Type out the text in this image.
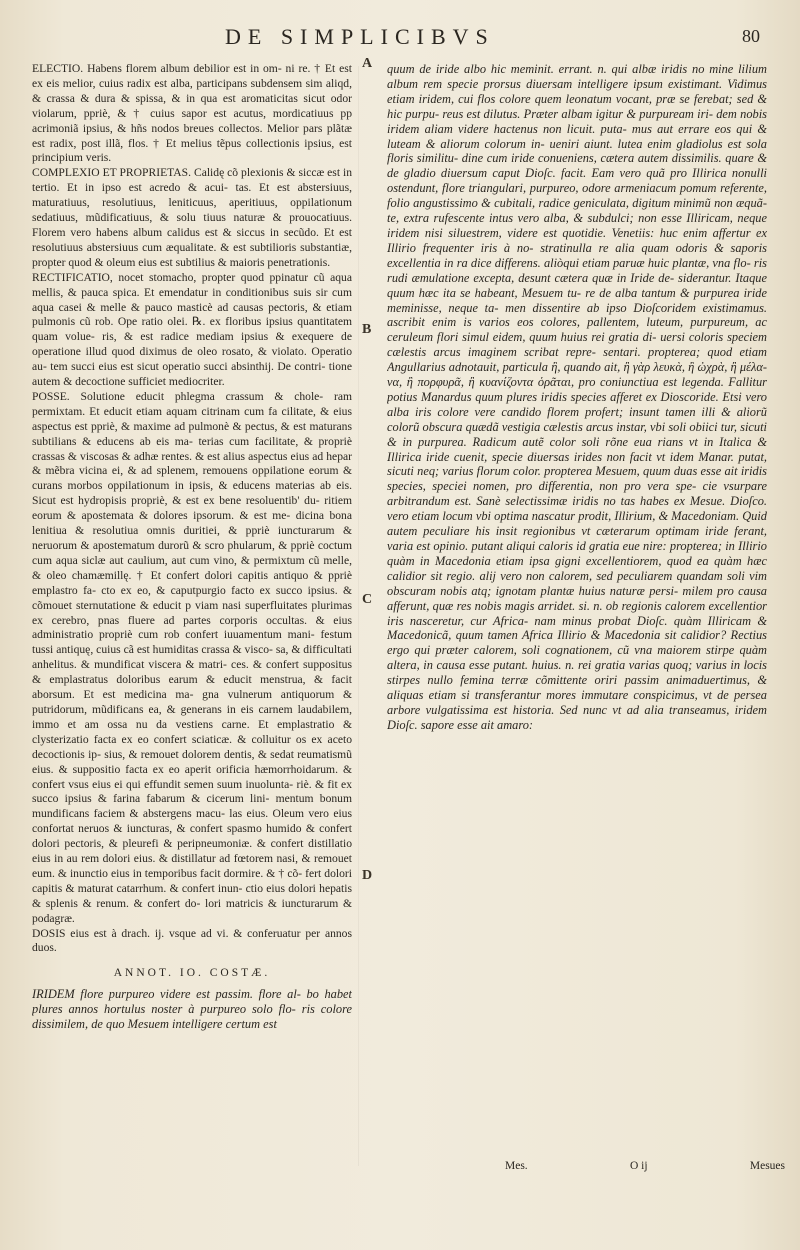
DE SIMPLICIBVS	80
A
B
C
D

ELECTIO. Habens florem album debilior est in om- ni re. † Et est ex eis melior, cuius radix est alba, participans subdensem sim aliqd, & crassa & dura & spissa, & in qua est aromaticitas sicut odor violarum, ppriè, & † cuius sapor est acutus, mordicatiuus pp acrimoniã ipsius, & hñs nodos breues collectos. Melior pars plãtæ est radix, post illã, flos. † Et melius tẽpus collectionis ipsius, est principium veris.

COMPLEXIO ET PROPRIETAS. Calidę cõ plexionis & siccæ est in tertio. Et in ipso est acredo & acui- tas. Et est abstersiuus, maturatiuus, resolutiuus, leniticuus, aperitiuus, oppilationum sedatiuus, mũdificatiuus, & solu tiuus naturæ & prouocatiuus. Florem vero habens album calidus est & siccus in secũdo. Et est resolutiuus abstersiuus cum æqualitate. & est subtilioris substantiæ, propter quod & oleum eius est subtilius & maioris penetrationis.

RECTIFICATIO, nocet stomacho, propter quod ppinatur cũ aqua mellis, & pauca spica. Et emendatur in conditionibus suis sir cum aqua casei & melle & pauco masticè ad causas pectoris, & etiam pulmonis cũ rob. Ope ratio olei. ℞. ex floribus ipsius quantitatem quam volue- ris, & est radice mediam ipsius & exequere de operatione illud quod diximus de oleo rosato, & violato. Operatio au- tem succi eius est sicut operatio succi absinthij. De contri- tione autem & decoctione sufficiet mediocriter.

POSSE. Solutione educit phlegma crassum & chole- ram permixtam. Et educit etiam aquam citrinam cum fa cilitate, & eius aspectus est ppriè, & maxime ad pulmonè & pectus, & est maturans subtilians & educens ab eis ma- terias cum facilitate, & propriè crassas & viscosas & adhæ rentes. & est alius aspectus eius ad hepar & mẽbra vicina ei, & ad splenem, remouens oppilatione eorum & curans morbos oppilationum in ipsis, & educens materias ab eis. Sicut est hydropisis propriè, & est ex bene resoluentib' du- ritiem eorum & apostemata & dolores ipsorum. & est me- dicina bona lenitiua & resolutiua omnis duritiei, & ppriè iuncturarum & neruorum & apostematum durorũ & scro phularum, & ppriè coctum cum aqua siclæ aut caulium, aut cum vino, & permixtum cũ melle, & oleo chamæmillę. † Et confert dolori capitis antiquo & ppriè emplastro fa- cto ex eo, & caputpurgio facto ex succo ipsius. & cõmouet sternutatione & educit p viam nasi superfluitates plurimas ex cerebro, pnas fluere ad partes corporis occultas. & eius administratio propriè cum rob confert iuuamentum mani- festum tussi antiquę, cuius cã est humiditas crassa & visco- sa, & difficultati anhelitus. & mundificat viscera & matri- ces. & confert suppositus & emplastratus doloribus earum & educit menstrua, & facit aborsum. Et est medicina ma- gna vulnerum antiquorum & putridorum, mũdificans ea, & generans in eis carnem laudabilem, immo et am ossa nu da vestiens carne. Et emplastratio & clysterizatio facta ex eo confert sciaticæ. & colluitur os ex aceto decoctionis ip- sius, & remouet dolorem dentis, & sedat reumatismũ eius. & suppositio facta ex eo aperit orificia hæmorrhoidarum. & confert vsus eius ei qui effundit semen suum inuoluntа- riè. & fit ex succo ipsius & farina fabarum & cicerum lini- mentum bonum mundificans faciem & abstergens macu- las eius. Oleum vero eius confortat neruos & iuncturas, & confert spasmo humido & confert dolori pectoris, & pleurefi & peripneumoniæ. & confert distillatio eius in au rem dolori eius. & distillatur ad fœtorem nasi, & remouet eum. & inunctio eius in temporibus facit dormire. & † cõ- fert dolori capitis & maturat catarrhum. & confert inun- ctio eius dolori hepatis & splenis & renum. & confert do- lori matricis & iuncturarum & podagræ.

DOSIS eius est à drach. ij. vsque ad vi. & conferuatur per annos duos.

ANNOT. IO. COSTÆ.

IRIDEM flore purpureo videre est passim. flore al- bo habet plures annos hortulus noster à purpureo solo flo- ris colore dissimilem, de quo Mesuem intelligere certum est

quum de iride albo hic meminit. errant. n. qui albæ iridis no mine lilium album rem specie prorsus diuersam intelligere ipsum existimant. Vidimus etiam iridem, cui flos colore quem leonatum vocant, præ se ferebat; sed & hic purpu- reus est dilutus. Præter albam igitur & purpuream iri- dem nobis iridem aliam videre hactenus non licuit. puta- mus aut errare eos qui & luteam & aliorum colorum in- ueniri aiunt. lutea enim gladiolus est sola floris similitu- dine cum iride conueniens, cætera autem dissimilis. quare & de gladio diuersum caput Dioſc. facit. Eam vero quã pro Illirica nonulli ostendunt, flore triangulari, purpureo, odore armeniacum pomum referente, folio angustissimo & cubitali, radice geniculata, digitum minimũ non æquã- te, extra rufescente intus vero alba, & subdulci; non esse Illiricam, neque iridem nisi siluestrem, videre est quotidie. Venetiis: huc enim affertur ex Illirio frequenter iris à no- stratinulla re alia quam odoris & saporis excellentia in ra dice differens. aliòqui etiam paruæ huic plantæ, vna flo- ris rudi æmulatione excepta, desunt cætera quæ in Iride de- siderantur. Itaque quum hæc ita se habeant, Mesuem tu- re de alba tantum & purpurea iride meminisse, neque ta- men dissentire ab ipso Dioſcoridem existimamus. ascribit enim is varios eos colores, pallentem, luteum, purpureum, ac ceruleum flori simul eidem, quum huius rei gratia di- uersi coloris speciem cælestis arcus imaginem scribat repre- sentari. propterea; quod etiam Angullarius adnotauit, particula ἢ, quando ait, ἢ γὰρ λευκὰ, ἢ ὠχρὰ, ἢ μέλα- να, ἢ πορφυρᾶ, ἢ κυανίζοντα ὁρᾶται, pro coniunctiua est legenda. Fallitur potius Manardus quum plures iridis species afferet ex Dioscoride. Etsi vero alba iris colore vere candido florem profert; insunt tamen illi & aliorũ colorũ obscura quædã vestigia cælestis arcus instar, vbi soli obiici tur, sicuti & in purpurea. Radicum autẽ color soli rõne eua rians vt in Italica & Illirica iride cuenit, specie diuersas irides non facit vt idem Manar. putat, sicuti neq; varius florum color. propterea Mesuem, quum duas esse ait iridis species, speciei nomen, pro differentia, non pro vera spe- cie vsurpare arbitrandum est. Sanè selectissimæ iridis no tas habes ex Mesue. Dioſco. vero etiam locum vbi optima nascatur prodit, Illirium, & Macedoniam. Quid autem peculiare his insit regionibus vt cæterarum optimam iride ferant, varia est opinio. putant aliqui caloris id gratia eue nire: propterea; in Illirio quàm in Macedonia etiam ipsa gigni excellentiorem, quod ea quàm hæc calidior sit regio. alij vero non calorem, sed peculiarem quandam soli vim obscuram nobis atq; ignotam plantæ huius naturæ persi- milem pro causa afferunt, quæ res nobis magis arridet. si. n. ob regionis calorem excellentior iris nasceretur, cur Africa- nam minus probat Dioſc. quàm Illiricam & Macedonicã, quum tamen Africa Illirio & Macedonia sit calidior? Rectius ergo qui præter calorem, soli cognationem, cũ vna maiorem stirpe quàm altera, in causa esse putant. huius. n. rei gratia varias quoq; varius in locis stirpes nullo femina terræ cõmittente oriri passim animaduertimus, & aliquas etiam si transferantur mores immutare conspicimus, vt de persea arbore vulgatissima est historia. Sed nunc vt ad alia transeamus, iridem Dioſc. sapore esse ait amaro:

Mes.	O ij	Mesues
